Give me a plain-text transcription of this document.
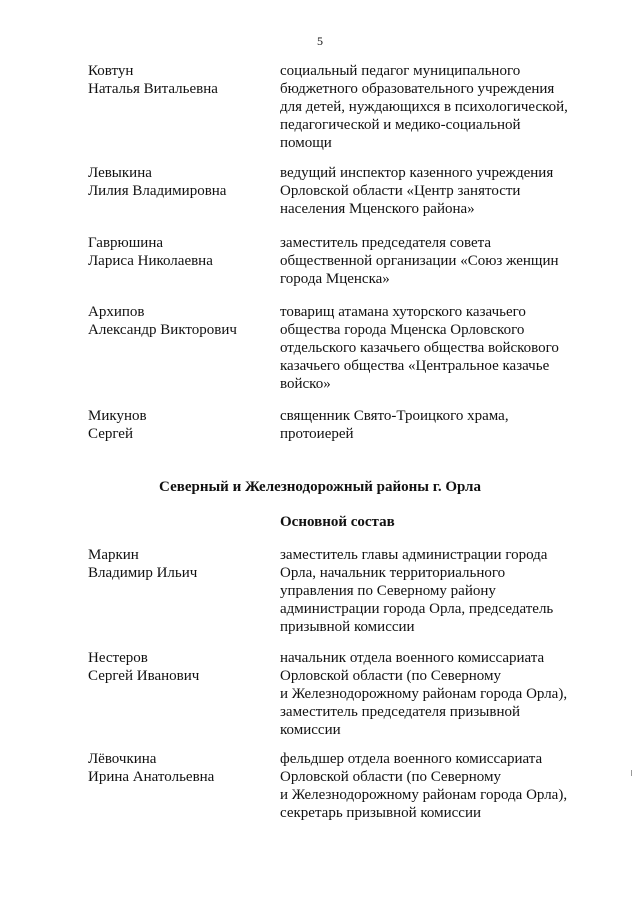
5
Ковтун
Наталья Витальевна
социальный педагог муниципального
бюджетного образовательного учреждения
для детей, нуждающихся в психологической,
педагогической и медико-социальной
помощи
Левыкина
Лилия Владимировна
ведущий инспектор казенного учреждения
Орловской области «Центр занятости
населения Мценского района»
Гаврюшина
Лариса Николаевна
заместитель председателя совета
общественной организации «Союз женщин
города Мценска»
Архипов
Александр Викторович
товарищ атамана хуторского казачьего
общества города Мценска Орловского
отдельского казачьего общества войскового
казачьего общества «Центральное казачье
войско»
Микунов
Сергей
священник Свято-Троицкого храма,
протоиерей
Северный и Железнодорожный районы г. Орла
Основной состав
Маркин
Владимир Ильич
заместитель главы администрации города
Орла, начальник территориального
управления по Северному району
администрации города Орла, председатель
призывной комиссии
Нестеров
Сергей Иванович
начальник отдела военного комиссариата
Орловской области (по Северному
и Железнодорожному районам города Орла),
заместитель председателя призывной
комиссии
Лёвочкина
Ирина Анатольевна
фельдшер отдела военного комиссариата
Орловской области (по Северному
и Железнодорожному районам города Орла),
секретарь призывной комиссии
